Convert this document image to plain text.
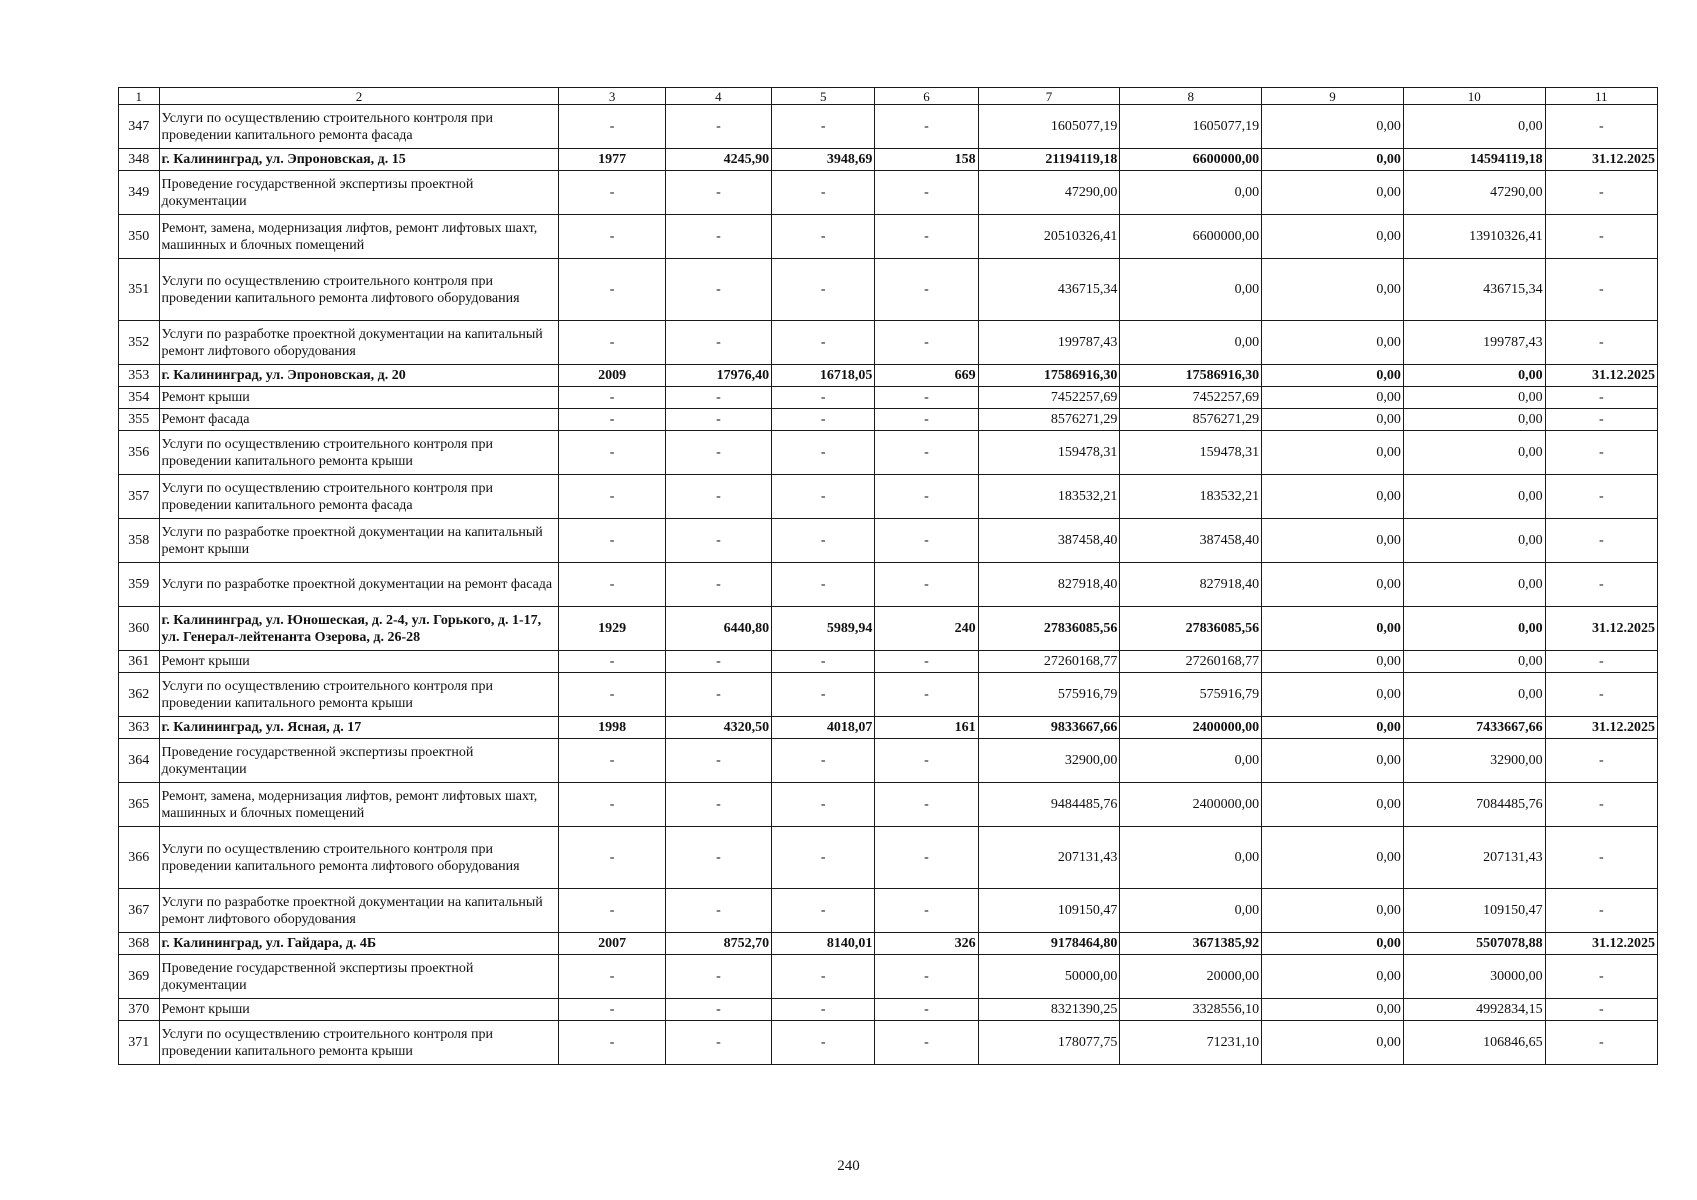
1	2	3	4	5	6	7	8	9	10	11
347	Услуги по осуществлению строительного контроля при проведении капитального ремонта фасада	-	-	-	-	1605077,19	1605077,19	0,00	0,00	-
348	г. Калининград, ул. Эпроновская, д. 15	1977	4245,90	3948,69	158	21194119,18	6600000,00	0,00	14594119,18	31.12.2025
349	Проведение государственной экспертизы проектной документации	-	-	-	-	47290,00	0,00	0,00	47290,00	-
350	Ремонт, замена, модернизация лифтов, ремонт лифтовых шахт, машинных и блочных помещений	-	-	-	-	20510326,41	6600000,00	0,00	13910326,41	-
351	Услуги по осуществлению строительного контроля при проведении капитального ремонта лифтового оборудования	-	-	-	-	436715,34	0,00	0,00	436715,34	-
352	Услуги по разработке проектной документации на капитальный ремонт лифтового оборудования	-	-	-	-	199787,43	0,00	0,00	199787,43	-
353	г. Калининград, ул. Эпроновская, д. 20	2009	17976,40	16718,05	669	17586916,30	17586916,30	0,00	0,00	31.12.2025
354	Ремонт крыши	-	-	-	-	7452257,69	7452257,69	0,00	0,00	-
355	Ремонт фасада	-	-	-	-	8576271,29	8576271,29	0,00	0,00	-
356	Услуги по осуществлению строительного контроля при проведении капитального ремонта крыши	-	-	-	-	159478,31	159478,31	0,00	0,00	-
357	Услуги по осуществлению строительного контроля при проведении капитального ремонта фасада	-	-	-	-	183532,21	183532,21	0,00	0,00	-
358	Услуги по разработке проектной документации на капитальный ремонт крыши	-	-	-	-	387458,40	387458,40	0,00	0,00	-
359	Услуги по разработке проектной документации на ремонт фасада	-	-	-	-	827918,40	827918,40	0,00	0,00	-
360	г. Калининград, ул. Юношеская, д. 2-4, ул. Горького, д. 1-17, ул. Генерал-лейтенанта Озерова, д. 26-28	1929	6440,80	5989,94	240	27836085,56	27836085,56	0,00	0,00	31.12.2025
361	Ремонт крыши	-	-	-	-	27260168,77	27260168,77	0,00	0,00	-
362	Услуги по осуществлению строительного контроля при проведении капитального ремонта крыши	-	-	-	-	575916,79	575916,79	0,00	0,00	-
363	г. Калининград, ул. Ясная, д. 17	1998	4320,50	4018,07	161	9833667,66	2400000,00	0,00	7433667,66	31.12.2025
364	Проведение государственной экспертизы проектной документации	-	-	-	-	32900,00	0,00	0,00	32900,00	-
365	Ремонт, замена, модернизация лифтов, ремонт лифтовых шахт, машинных и блочных помещений	-	-	-	-	9484485,76	2400000,00	0,00	7084485,76	-
366	Услуги по осуществлению строительного контроля при проведении капитального ремонта лифтового оборудования	-	-	-	-	207131,43	0,00	0,00	207131,43	-
367	Услуги по разработке проектной документации на капитальный ремонт лифтового оборудования	-	-	-	-	109150,47	0,00	0,00	109150,47	-
368	г. Калининград, ул. Гайдара, д. 4Б	2007	8752,70	8140,01	326	9178464,80	3671385,92	0,00	5507078,88	31.12.2025
369	Проведение государственной экспертизы проектной документации	-	-	-	-	50000,00	20000,00	0,00	30000,00	-
370	Ремонт крыши	-	-	-	-	8321390,25	3328556,10	0,00	4992834,15	-
371	Услуги по осуществлению строительного контроля при проведении капитального ремонта крыши	-	-	-	-	178077,75	71231,10	0,00	106846,65	-
240
